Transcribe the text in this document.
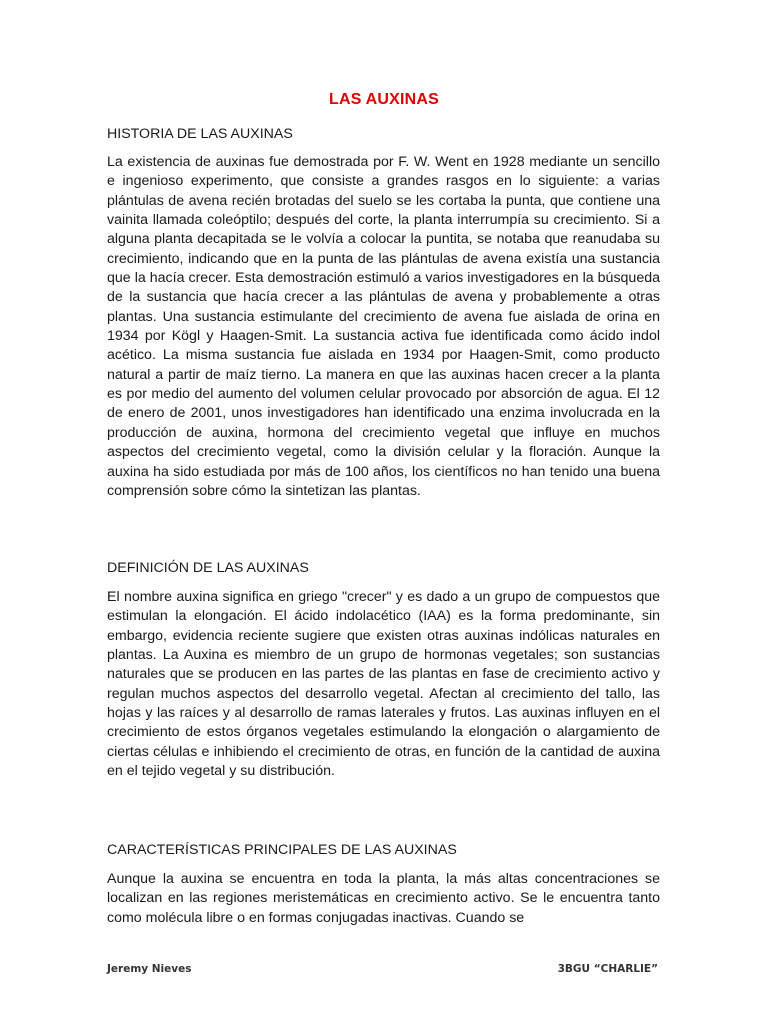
LAS AUXINAS
HISTORIA DE LAS AUXINAS

La existencia de auxinas fue demostrada por F. W. Went en 1928 mediante un sencillo e ingenioso experimento, que consiste a grandes rasgos en lo siguiente: a varias plántulas de avena recién brotadas del suelo se les cortaba la punta, que contiene una vainita llamada coleóptilo; después del corte, la planta interrumpía su crecimiento. Si a alguna planta decapitada se le volvía a colocar la puntita, se notaba que reanudaba su crecimiento, indicando que en la punta de las plántulas de avena existía una sustancia que la hacía crecer. Esta demostración estimuló a varios investigadores en la búsqueda de la sustancia que hacía crecer a las plántulas de avena y probablemente a otras plantas. Una sustancia estimulante del crecimiento de avena fue aislada de orina en 1934 por Kögl y Haagen-Smit. La sustancia activa fue identificada como ácido indol acético. La misma sustancia fue aislada en 1934 por Haagen-Smit, como producto natural a partir de maíz tierno. La manera en que las auxinas hacen crecer a la planta es por medio del aumento del volumen celular provocado por absorción de agua. El 12 de enero de 2001, unos investigadores han identificado una enzima involucrada en la producción de auxina, hormona del crecimiento vegetal que influye en muchos aspectos del crecimiento vegetal, como la división celular y la floración. Aunque la auxina ha sido estudiada por más de 100 años, los científicos no han tenido una buena comprensión sobre cómo la sintetizan las plantas.

DEFINICIÓN DE LAS AUXINAS

El nombre auxina significa en griego "crecer" y es dado a un grupo de compuestos que estimulan la elongación. El ácido indolacético (IAA) es la forma predominante, sin embargo, evidencia reciente sugiere que existen otras auxinas indólicas naturales en plantas. La Auxina es miembro de un grupo de hormonas vegetales; son sustancias naturales que se producen en las partes de las plantas en fase de crecimiento activo y regulan muchos aspectos del desarrollo vegetal. Afectan al crecimiento del tallo, las hojas y las raíces y al desarrollo de ramas laterales y frutos. Las auxinas influyen en el crecimiento de estos órganos vegetales estimulando la elongación o alargamiento de ciertas células e inhibiendo el crecimiento de otras, en función de la cantidad de auxina en el tejido vegetal y su distribución.

CARACTERÍSTICAS PRINCIPALES DE LAS AUXINAS

Aunque la auxina se encuentra en toda la planta, la más altas concentraciones se localizan en las regiones meristemáticas en crecimiento activo. Se le encuentra tanto como molécula libre o en formas conjugadas inactivas. Cuando se

Jeremy Nieves	3BGU “CHARLIE”
